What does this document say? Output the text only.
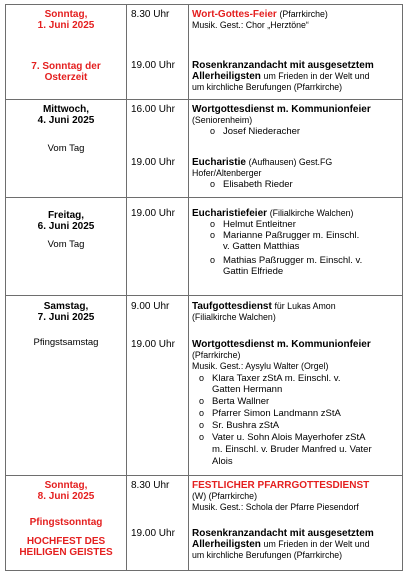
Sonntag,
1. Juni 2025
7. Sonntag der
Osterzeit
8.30 Uhr Wort-Gottes-Feier (Pfarrkirche)
Musik. Gest.: Chor „Herztöne“
19.00 Uhr Rosenkranzandacht mit ausgesetztem
Allerheiligsten um Frieden in der Welt und
um kirchliche Berufungen (Pfarrkirche)
Mittwoch,
4. Juni 2025
Vom Tag
16.00 Uhr Wortgottesdienst m. Kommunionfeier
(Seniorenheim)
o Josef Niederacher
19.00 Uhr Eucharistie (Aufhausen) Gest.FG
Hofer/Altenberger
o Elisabeth Rieder
Freitag,
6. Juni 2025
Vom Tag
19.00 Uhr Eucharistiefeier (Filialkirche Walchen)
o Helmut Entleitner
o Marianne Paßrugger m. Einschl.
v. Gatten Matthias
o Mathias Paßrugger m. Einschl. v.
Gattin Elfriede
Samstag,
7. Juni 2025
Pfingstsamstag
9.00 Uhr Taufgottesdienst für Lukas Amon
(Filialkirche Walchen)
19.00 Uhr Wortgottesdienst m. Kommunionfeier
(Pfarrkirche)
Musik. Gest.: Aysylu Walter (Orgel)
o Klara Taxer zStA m. Einschl. v.
Gatten Hermann
o Berta Wallner
o Pfarrer Simon Landmann zStA
o Sr. Bushra zStA
o Vater u. Sohn Alois Mayerhofer zStA
m. Einschl. v. Bruder Manfred u. Vater
Alois
Sonntag,
8. Juni 2025
Pfingstsonntag
HOCHFEST DES
HEILIGEN GEISTES
8.30 Uhr FESTLICHER PFARRGOTTESDIENST
(W) (Pfarrkirche)
Musik. Gest.: Schola der Pfarre Piesendorf
19.00 Uhr Rosenkranzandacht mit ausgesetztem
Allerheiligsten um Frieden in der Welt und
um kirchliche Berufungen (Pfarrkirche)
